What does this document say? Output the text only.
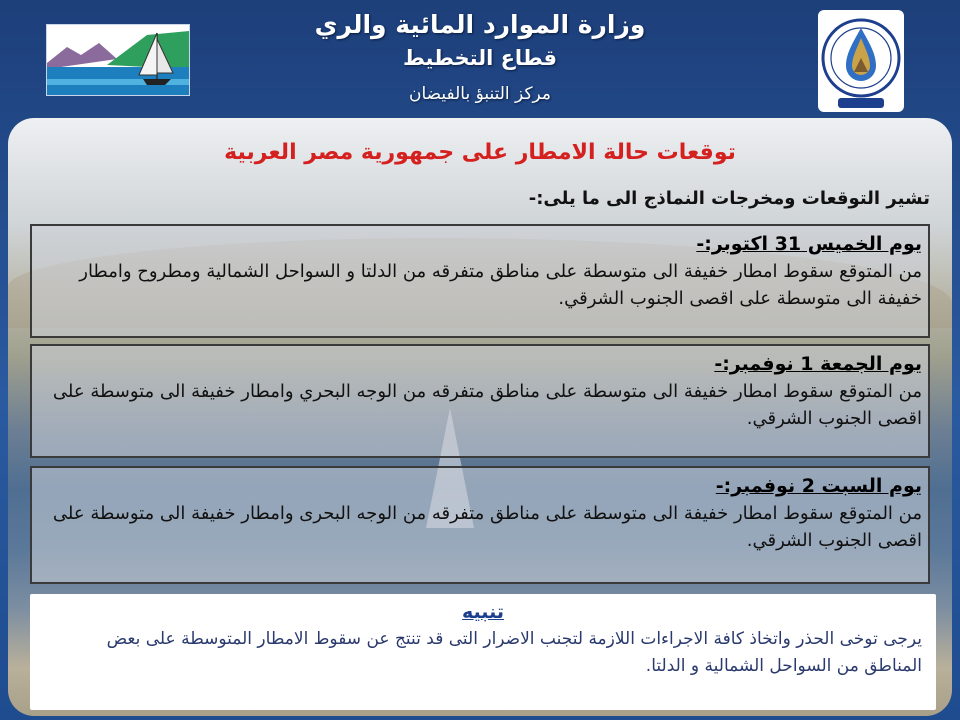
وزارة الموارد المائية والري
قطاع التخطيط
مركز التنبؤ بالفيضان
توقعات حالة الامطار على جمهورية مصر العربية
تشير التوقعات ومخرجات النماذج الى ما يلى:-
يوم الخميس 31 اكتوبر:-
من المتوقع سقوط امطار خفيفة الى متوسطة على مناطق متفرقه من الدلتا و السواحل الشمالية ومطروح وامطار خفيفة الى متوسطة على اقصى الجنوب الشرقي.
يوم الجمعة 1 نوفمبر:-
من المتوقع سقوط امطار خفيفة الى متوسطة على مناطق متفرقه من الوجه البحري وامطار خفيفة الى متوسطة على اقصى الجنوب الشرقي.
يوم السبت 2 نوفمبر:-
من المتوقع سقوط امطار خفيفة الى متوسطة على مناطق متفرقه من الوجه البحرى وامطار خفيفة الى متوسطة على اقصى الجنوب الشرقي.
تنبيه
يرجى توخى الحذر واتخاذ كافة الاجراءات اللازمة لتجنب الاضرار التى قد تنتج عن سقوط الامطار المتوسطة على بعض المناطق من السواحل الشمالية و الدلتا.
